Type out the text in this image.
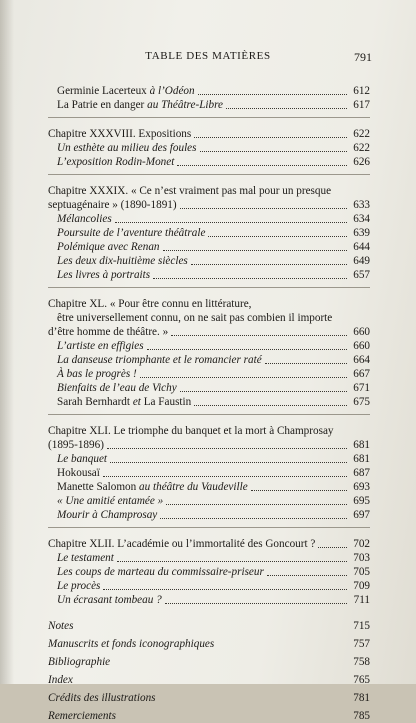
TABLE DES MATIÈRES	791
Germinie Lacerteux à l’Odéon	612
La Patrie en danger au Théâtre-Libre	617
Chapitre XXXVIII. Expositions	622
Un esthète au milieu des foules	622
L’exposition Rodin-Monet	626
Chapitre XXXIX. « Ce n’est vraiment pas mal pour un presque
septuagénaire » (1890-1891)	633
Mélancolies	634
Poursuite de l’aventure théâtrale	639
Polémique avec Renan	644
Les deux dix-huitième siècles	649
Les livres à portraits	657
Chapitre XL. « Pour être connu en littérature,
être universellement connu, on ne sait pas combien il importe
d’être homme de théâtre. »	660
L’artiste en effigies	660
La danseuse triomphante et le romancier raté	664
À bas le progrès !	667
Bienfaits de l’eau de Vichy	671
Sarah Bernhardt et La Faustin	675
Chapitre XLI. Le triomphe du banquet et la mort à Champrosay
(1895-1896)	681
Le banquet	681
Hokousaï	687
Manette Salomon au théâtre du Vaudeville	693
« Une amitié entamée »	695
Mourir à Champrosay	697
Chapitre XLII. L’académie ou l’immortalité des Goncourt ?	702
Le testament	703
Les coups de marteau du commissaire-priseur	705
Le procès	709
Un écrasant tombeau ?	711
Notes	715
Manuscrits et fonds iconographiques	757
Bibliographie	758
Index	765
Crédits des illustrations	781
Remerciements	785
